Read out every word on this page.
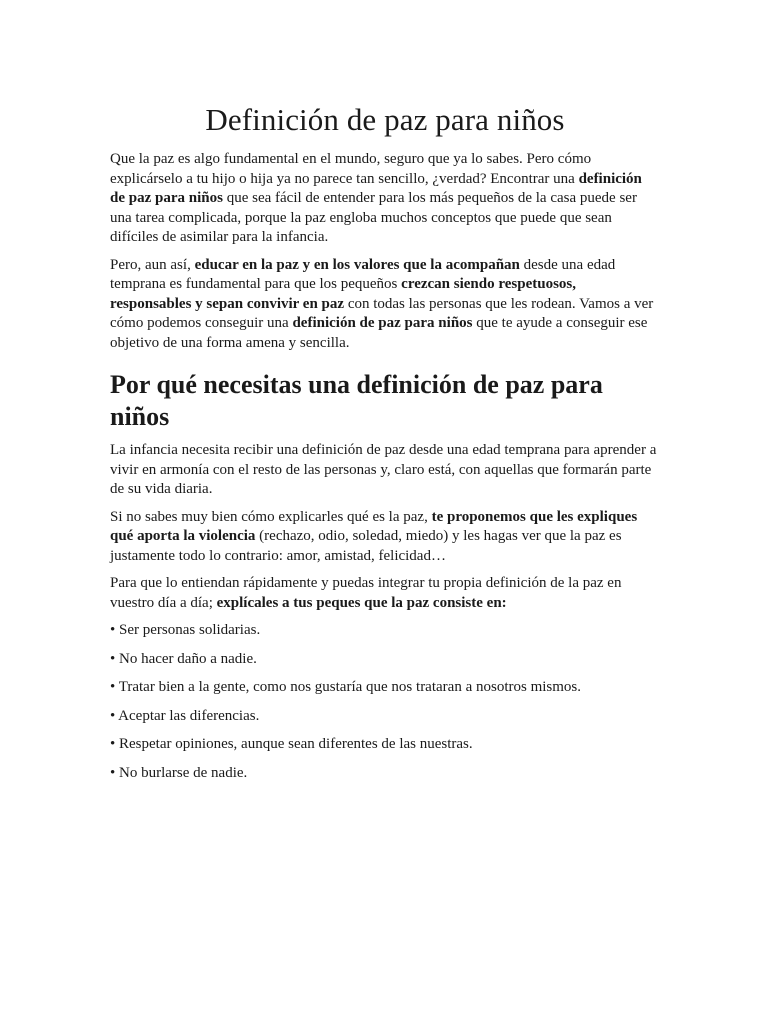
Definición de paz para niños

Que la paz es algo fundamental en el mundo, seguro que ya lo sabes. Pero cómo explicárselo a tu hijo o hija ya no parece tan sencillo, ¿verdad? Encontrar una definición de paz para niños que sea fácil de entender para los más pequeños de la casa puede ser una tarea complicada, porque la paz engloba muchos conceptos que puede que sean difíciles de asimilar para la infancia.

Pero, aun así, educar en la paz y en los valores que la acompañan desde una edad temprana es fundamental para que los pequeños crezcan siendo respetuosos, responsables y sepan convivir en paz con todas las personas que les rodean. Vamos a ver cómo podemos conseguir una definición de paz para niños que te ayude a conseguir ese objetivo de una forma amena y sencilla.

Por qué necesitas una definición de paz para niños

La infancia necesita recibir una definición de paz desde una edad temprana para aprender a vivir en armonía con el resto de las personas y, claro está, con aquellas que formarán parte de su vida diaria.

Si no sabes muy bien cómo explicarles qué es la paz, te proponemos que les expliques qué aporta la violencia (rechazo, odio, soledad, miedo) y les hagas ver que la paz es justamente todo lo contrario: amor, amistad, felicidad…

Para que lo entiendan rápidamente y puedas integrar tu propia definición de la paz en vuestro día a día; explícales a tus peques que la paz consiste en:

• Ser personas solidarias.

• No hacer daño a nadie.

• Tratar bien a la gente, como nos gustaría que nos trataran a nosotros mismos.

• Aceptar las diferencias.

• Respetar opiniones, aunque sean diferentes de las nuestras.

• No burlarse de nadie.
